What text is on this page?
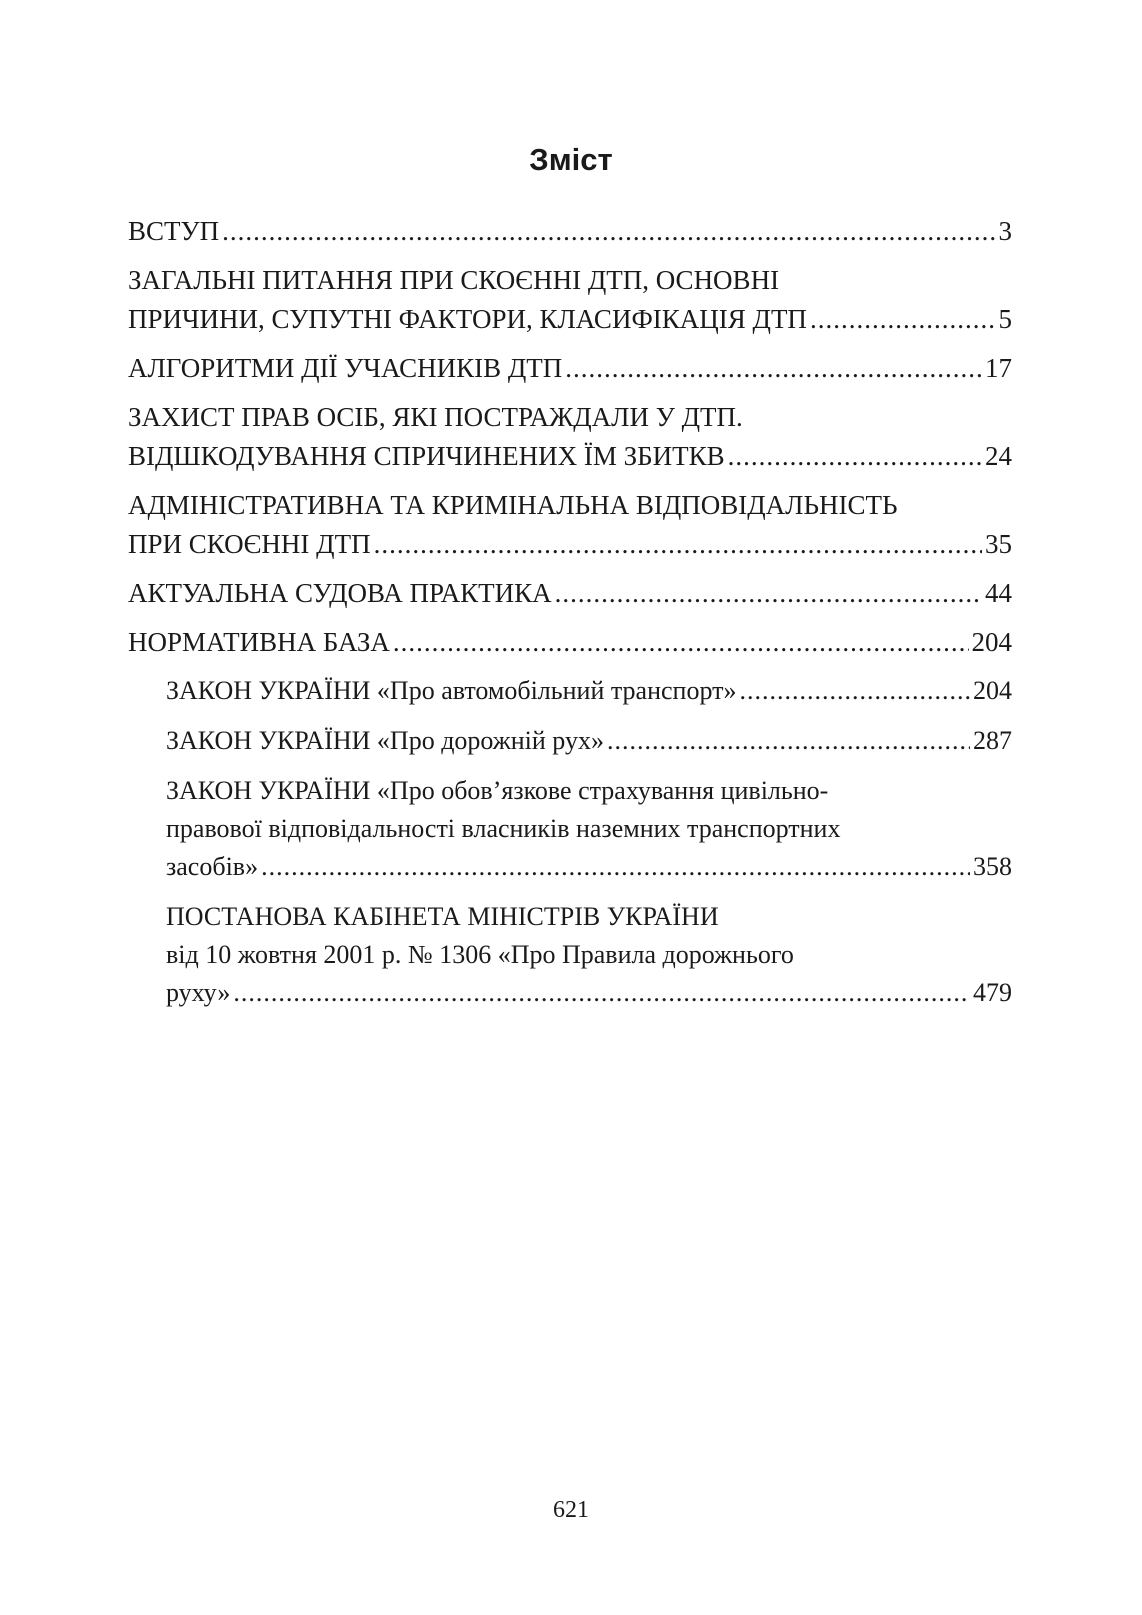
Зміст
ВСТУП .....	3
ЗАГАЛЬНІ ПИТАННЯ ПРИ СКОЄННІ ДТП, ОСНОВНІ
ПРИЧИНИ, СУПУТНІ ФАКТОРИ, КЛАСИФІКАЦІЯ ДТП .....	5
АЛГОРИТМИ ДІЇ УЧАСНИКІВ ДТП .....	17
ЗАХИСТ ПРАВ ОСІБ, ЯКІ ПОСТРАЖДАЛИ У ДТП.
ВІДШКОДУВАННЯ СПРИЧИНЕНИХ ЇМ ЗБИТКВ .....	24
АДМІНІСТРАТИВНА ТА КРИМІНАЛЬНА ВІДПОВІДАЛЬНІСТЬ
ПРИ СКОЄННІ ДТП .....	35
АКТУАЛЬНА СУДОВА ПРАКТИКА .....	44
НОРМАТИВНА БАЗА .....	204
ЗАКОН УКРАЇНИ «Про автомобільний транспорт» .....	204
ЗАКОН УКРАЇНИ «Про дорожній рух» .....	287
ЗАКОН УКРАЇНИ «Про обов’язкове страхування цивільно-
правової відповідальності власників наземних транспортних
засобів» .....	358
ПОСТАНОВА КАБІНЕТА МІНІСТРІВ УКРАЇНИ
від 10 жовтня 2001 р. № 1306 «Про Правила дорожнього
руху» .....	479
621
